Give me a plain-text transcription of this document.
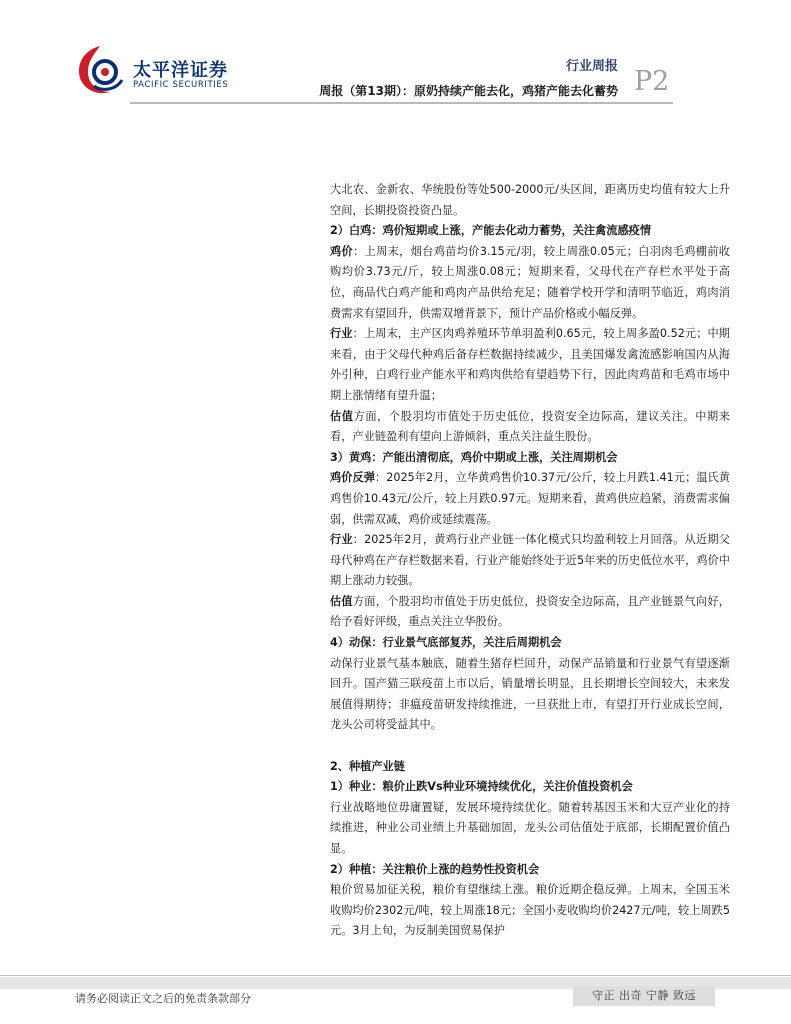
太平洋证券
PACIFIC SECURITIES
行业周报 P2
周报（第13期）：原奶持续产能去化，鸡猪产能去化蓄势

大北农、金新农、华统股份等处500-2000元/头区间，距离历史均值有较大上升空间，长期投资投资凸显。

2）白鸡：鸡价短期或上涨，产能去化动力蓄势，关注禽流感疫情

鸡价：上周末，烟台鸡苗均价3.15元/羽，较上周涨0.05元；白羽肉毛鸡棚前收购均价3.73元/斤，较上周涨0.08元；短期来看，父母代在产存栏水平处于高位，商品代白鸡产能和鸡肉产品供给充足；随着学校开学和清明节临近，鸡肉消费需求有望回升，供需双增背景下，预计产品价格或小幅反弹。

行业：上周末，主产区肉鸡养殖环节单羽盈利0.65元，较上周多盈0.52元；中期来看，由于父母代种鸡后备存栏数据持续减少，且美国爆发禽流感影响国内从海外引种，白鸡行业产能水平和鸡肉供给有望趋势下行，因此肉鸡苗和毛鸡市场中期上涨情绪有望升温；

估值方面，个股羽均市值处于历史低位，投资安全边际高，建议关注。中期来看，产业链盈利有望向上游倾斜，重点关注益生股份。

3）黄鸡：产能出清彻底，鸡价中期或上涨，关注周期机会

鸡价反弹：2025年2月，立华黄鸡售价10.37元/公斤，较上月跌1.41元；温氏黄鸡售价10.43元/公斤，较上月跌0.97元。短期来看，黄鸡供应趋紧，消费需求偏弱，供需双减，鸡价或延续震荡。

行业：2025年2月，黄鸡行业产业链一体化模式只均盈利较上月回落。从近期父母代种鸡在产存栏数据来看，行业产能始终处于近5年来的历史低位水平，鸡价中期上涨动力较强。

估值方面，个股羽均市值处于历史低位，投资安全边际高，且产业链景气向好，给予看好评级，重点关注立华股份。

4）动保：行业景气底部复苏，关注后周期机会

动保行业景气基本触底，随着生猪存栏回升，动保产品销量和行业景气有望逐渐回升。国产猫三联疫苗上市以后，销量增长明显，且长期增长空间较大，未来发展值得期待；非瘟疫苗研发持续推进，一旦获批上市，有望打开行业成长空间，龙头公司将受益其中。

2、种植产业链

1）种业：粮价止跌Vs种业环境持续优化，关注价值投资机会

行业战略地位毋庸置疑，发展环境持续优化。随着转基因玉米和大豆产业化的持续推进，种业公司业绩上升基础加固，龙头公司估值处于底部，长期配置价值凸显。

2）种植：关注粮价上涨的趋势性投资机会

粮价贸易加征关税，粮价有望继续上涨。粮价近期企稳反弹。上周末，全国玉米收购均价2302元/吨，较上周涨18元；全国小麦收购均价2427元/吨，较上周跌5元。3月上旬，为反制美国贸易保护

请务必阅读正文之后的免责条款部分	守正 出奇 宁静 致远
